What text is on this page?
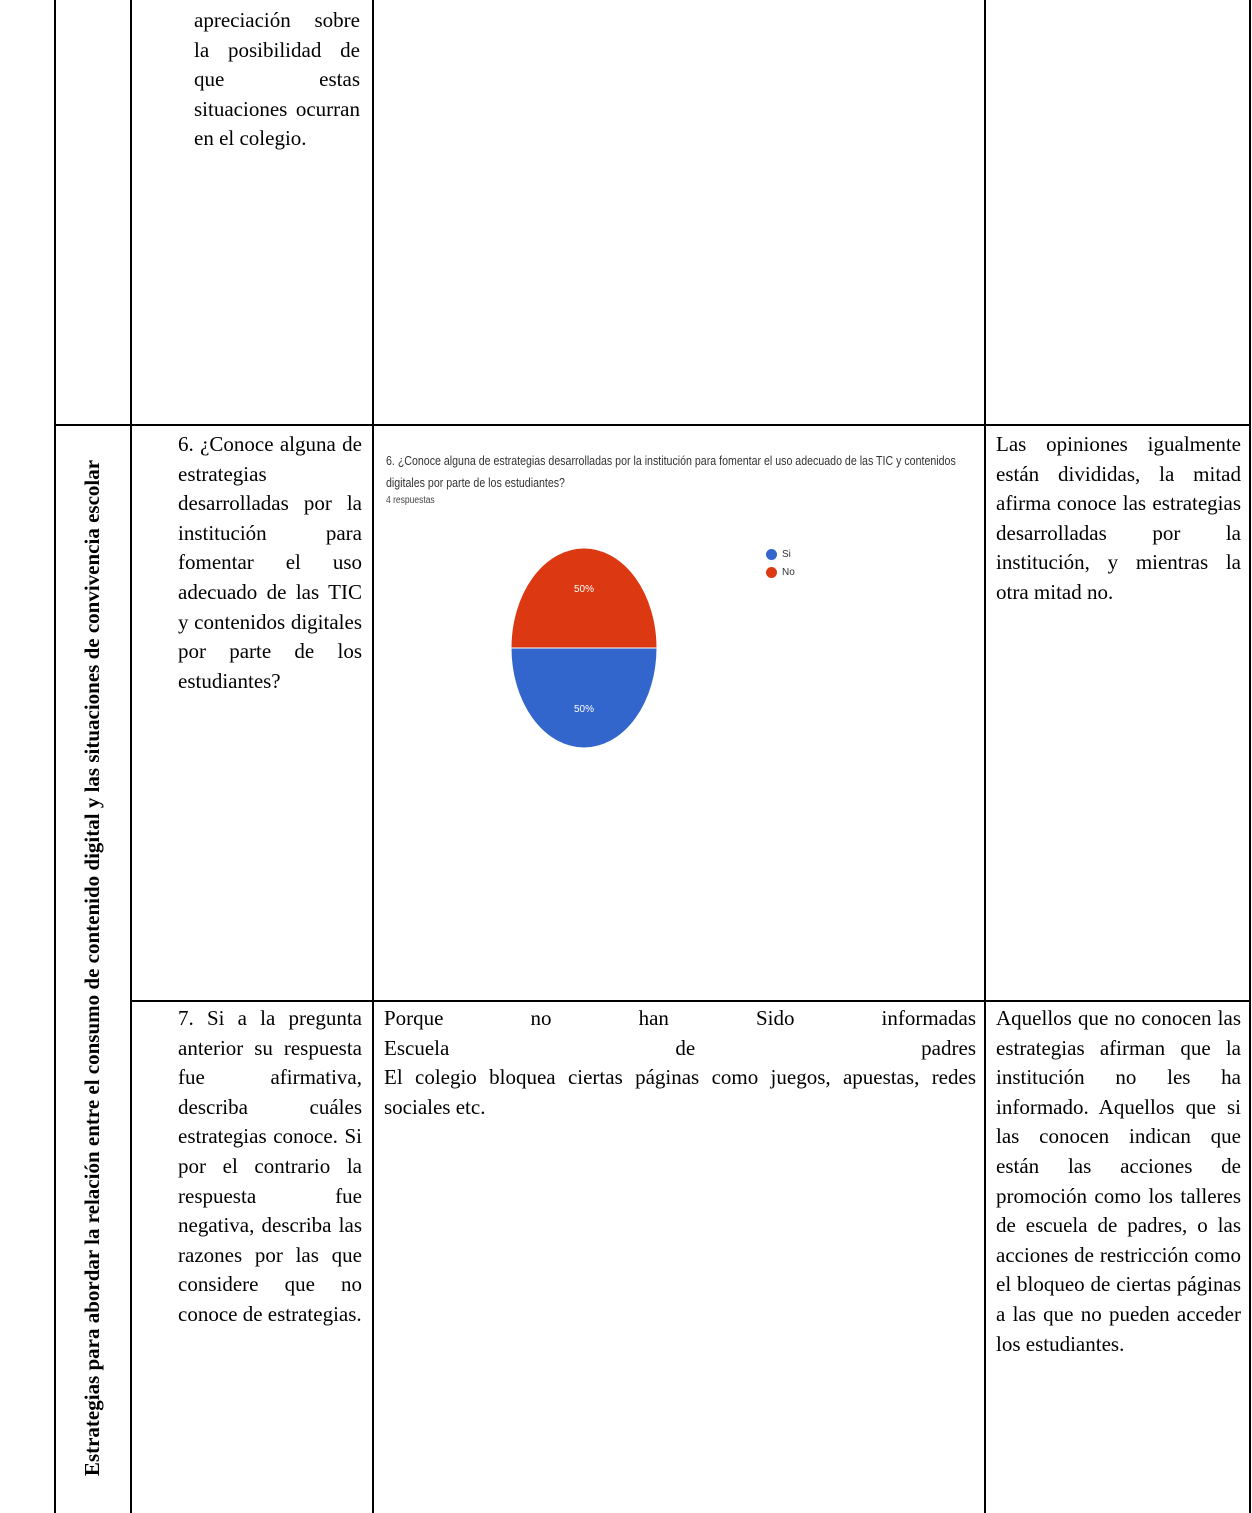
apreciación sobre la posibilidad de que estas situaciones ocurran en el colegio.

Estrategias para abordar la relación entre el consumo de contenido digital y las situaciones de convivencia escolar

6. ¿Conoce alguna de estrategias desarrolladas por la institución para fomentar el uso adecuado de las TIC y contenidos digitales por parte de los estudiantes?

6. ¿Conoce alguna de estrategias desarrolladas por la institución para fomentar el uso adecuado de las TIC y contenidos digitales por parte de los estudiantes?
4 respuestas
50%
50%
Si
No

Las opiniones igualmente están divididas, la mitad afirma conoce las estrategias desarrolladas por la institución, y mientras la otra mitad no.

7. Si a la pregunta anterior su respuesta fue afirmativa, describa cuáles estrategias conoce. Si por el contrario la respuesta fue negativa, describa las razones por las que considere que no conoce de estrategias.

Porque no han Sido informadas

Escuela de padres

El colegio bloquea ciertas páginas como juegos, apuestas, redes sociales etc.

Aquellos que no conocen las estrategias afirman que la institución no les ha informado. Aquellos que si las conocen indican que están las acciones de promoción como los talleres de escuela de padres, o las acciones de restricción como el bloqueo de ciertas páginas a las que no pueden acceder los estudiantes.
